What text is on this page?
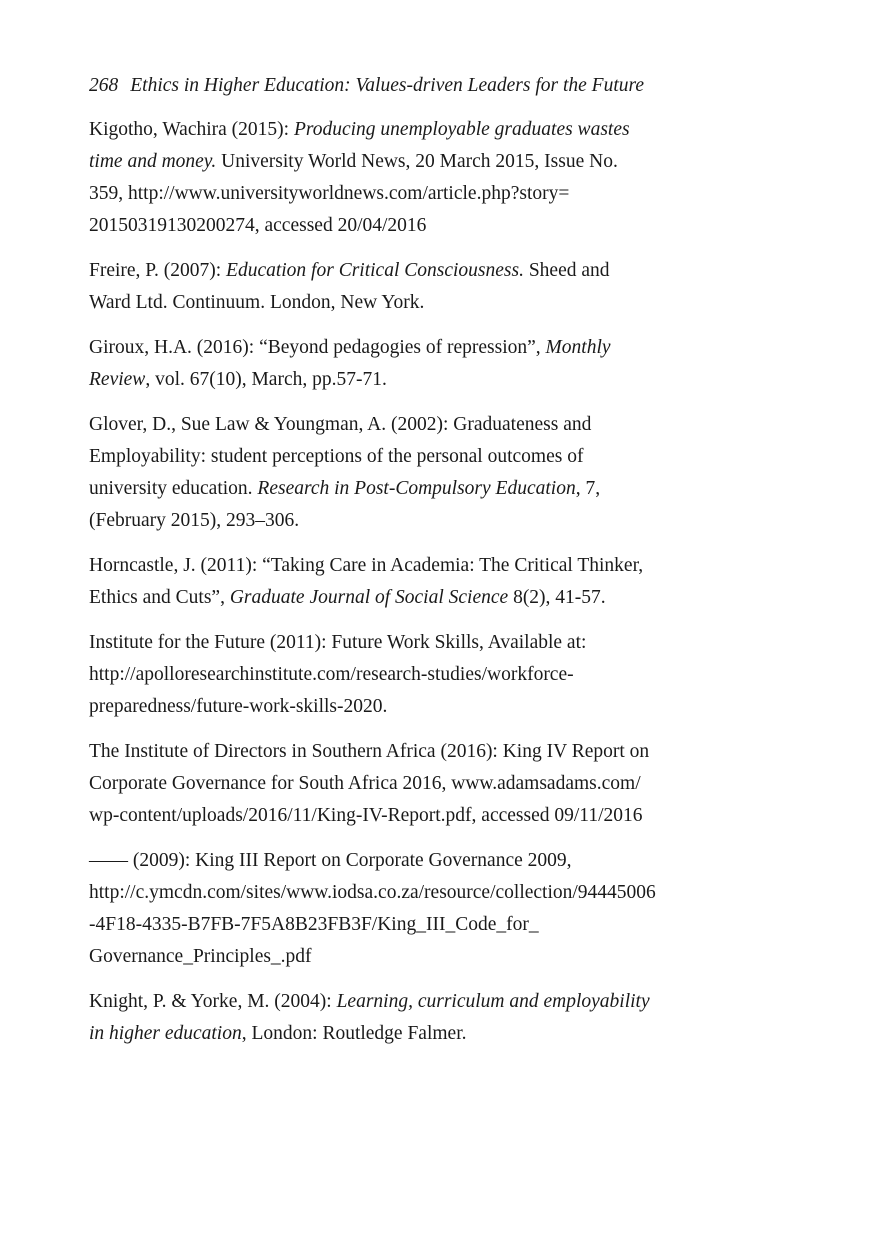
268 Ethics in Higher Education: Values-driven Leaders for the Future
Kigotho, Wachira (2015): Producing unemployable graduates wastes
time and money. University World News, 20 March 2015, Issue No.
359, http://www.universityworldnews.com/article.php?story=
20150319130200274, accessed 20/04/2016
Freire, P. (2007): Education for Critical Consciousness. Sheed and
Ward Ltd. Continuum. London, New York.
Giroux, H.A. (2016): “Beyond pedagogies of repression”, Monthly
Review, vol. 67(10), March, pp.57-71.
Glover, D., Sue Law & Youngman, A. (2002): Graduateness and
Employability: student perceptions of the personal outcomes of
university education. Research in Post-Compulsory Education, 7,
(February 2015), 293–306.
Horncastle, J. (2011): “Taking Care in Academia: The Critical Thinker,
Ethics and Cuts”, Graduate Journal of Social Science 8(2), 41-57.
Institute for the Future (2011): Future Work Skills, Available at:
http://apolloresearchinstitute.com/research-studies/workforce-
preparedness/future-work-skills-2020.
The Institute of Directors in Southern Africa (2016): King IV Report on
Corporate Governance for South Africa 2016, www.adamsadams.com/
wp-content/uploads/2016/11/King-IV-Report.pdf, accessed 09/11/2016
—— (2009): King III Report on Corporate Governance 2009,
http://c.ymcdn.com/sites/www.iodsa.co.za/resource/collection/94445006
-4F18-4335-B7FB-7F5A8B23FB3F/King_III_Code_for_
Governance_Principles_.pdf
Knight, P. & Yorke, M. (2004): Learning, curriculum and employability
in higher education, London: Routledge Falmer.
